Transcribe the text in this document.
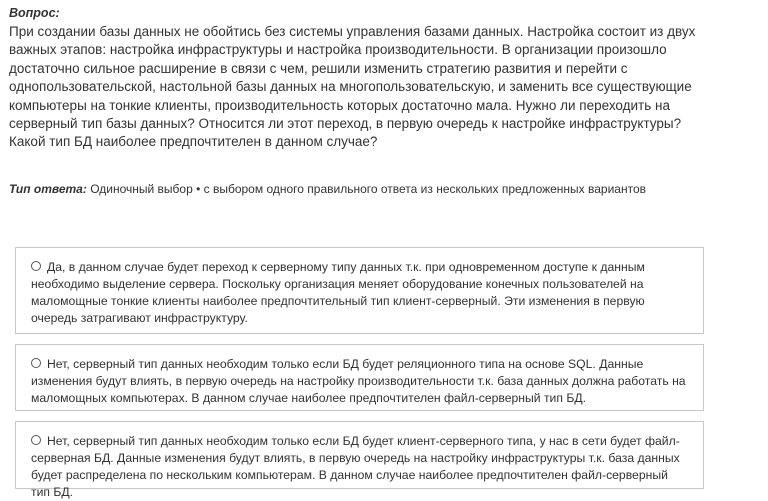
Вопрос:
При создании базы данных не обойтись без системы управления базами данных. Настройка состоит из двух важных этапов: настройка инфраструктуры и настройка производительности. В организации произошло достаточно сильное расширение в связи с чем, решили изменить стратегию развития и перейти с однопользовательской, настольной базы данных на многопользовательскую, и заменить все существующие компьютеры на тонкие клиенты, производительность которых достаточно мала. Нужно ли переходить на серверный тип базы данных? Относится ли этот переход, в первую очередь к настройке инфраструктуры? Какой тип БД наиболее предпочтителен в данном случае?
Тип ответа: Одиночный выбор • с выбором одного правильного ответа из нескольких предложенных вариантов
Да, в данном случае будет переход к серверному типу данных т.к. при одновременном доступе к данным необходимо выделение сервера. Поскольку организация меняет оборудование конечных пользователей на маломощные тонкие клиенты наиболее предпочтительный тип клиент-серверный. Эти изменения в первую очередь затрагивают инфраструктуру.
Нет, серверный тип данных необходим только если БД будет реляционного типа на основе SQL. Данные изменения будут влиять, в первую очередь на настройку производительности т.к. база данных должна работать на маломощных компьютерах. В данном случае наиболее предпочтителен файл-серверный тип БД.
Нет, серверный тип данных необходим только если БД будет клиент-серверного типа, у нас в сети будет файл-серверная БД. Данные изменения будут влиять, в первую очередь на настройку инфраструктуры т.к. база данных будет распределена по нескольким компьютерам. В данном случае наиболее предпочтителен файл-серверный тип БД.
